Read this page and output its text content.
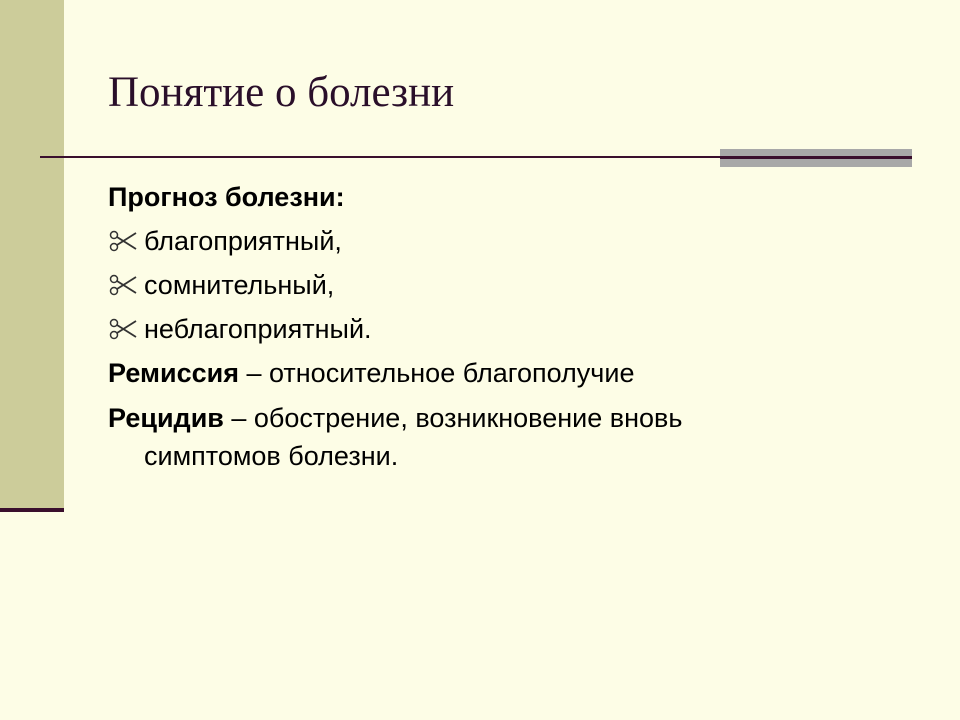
Понятие о болезни
Прогноз болезни:
благоприятный,
сомнительный,
неблагоприятный.
Ремиссия – относительное благополучие
Рецидив – обострение, возникновение вновь
симптомов болезни.
